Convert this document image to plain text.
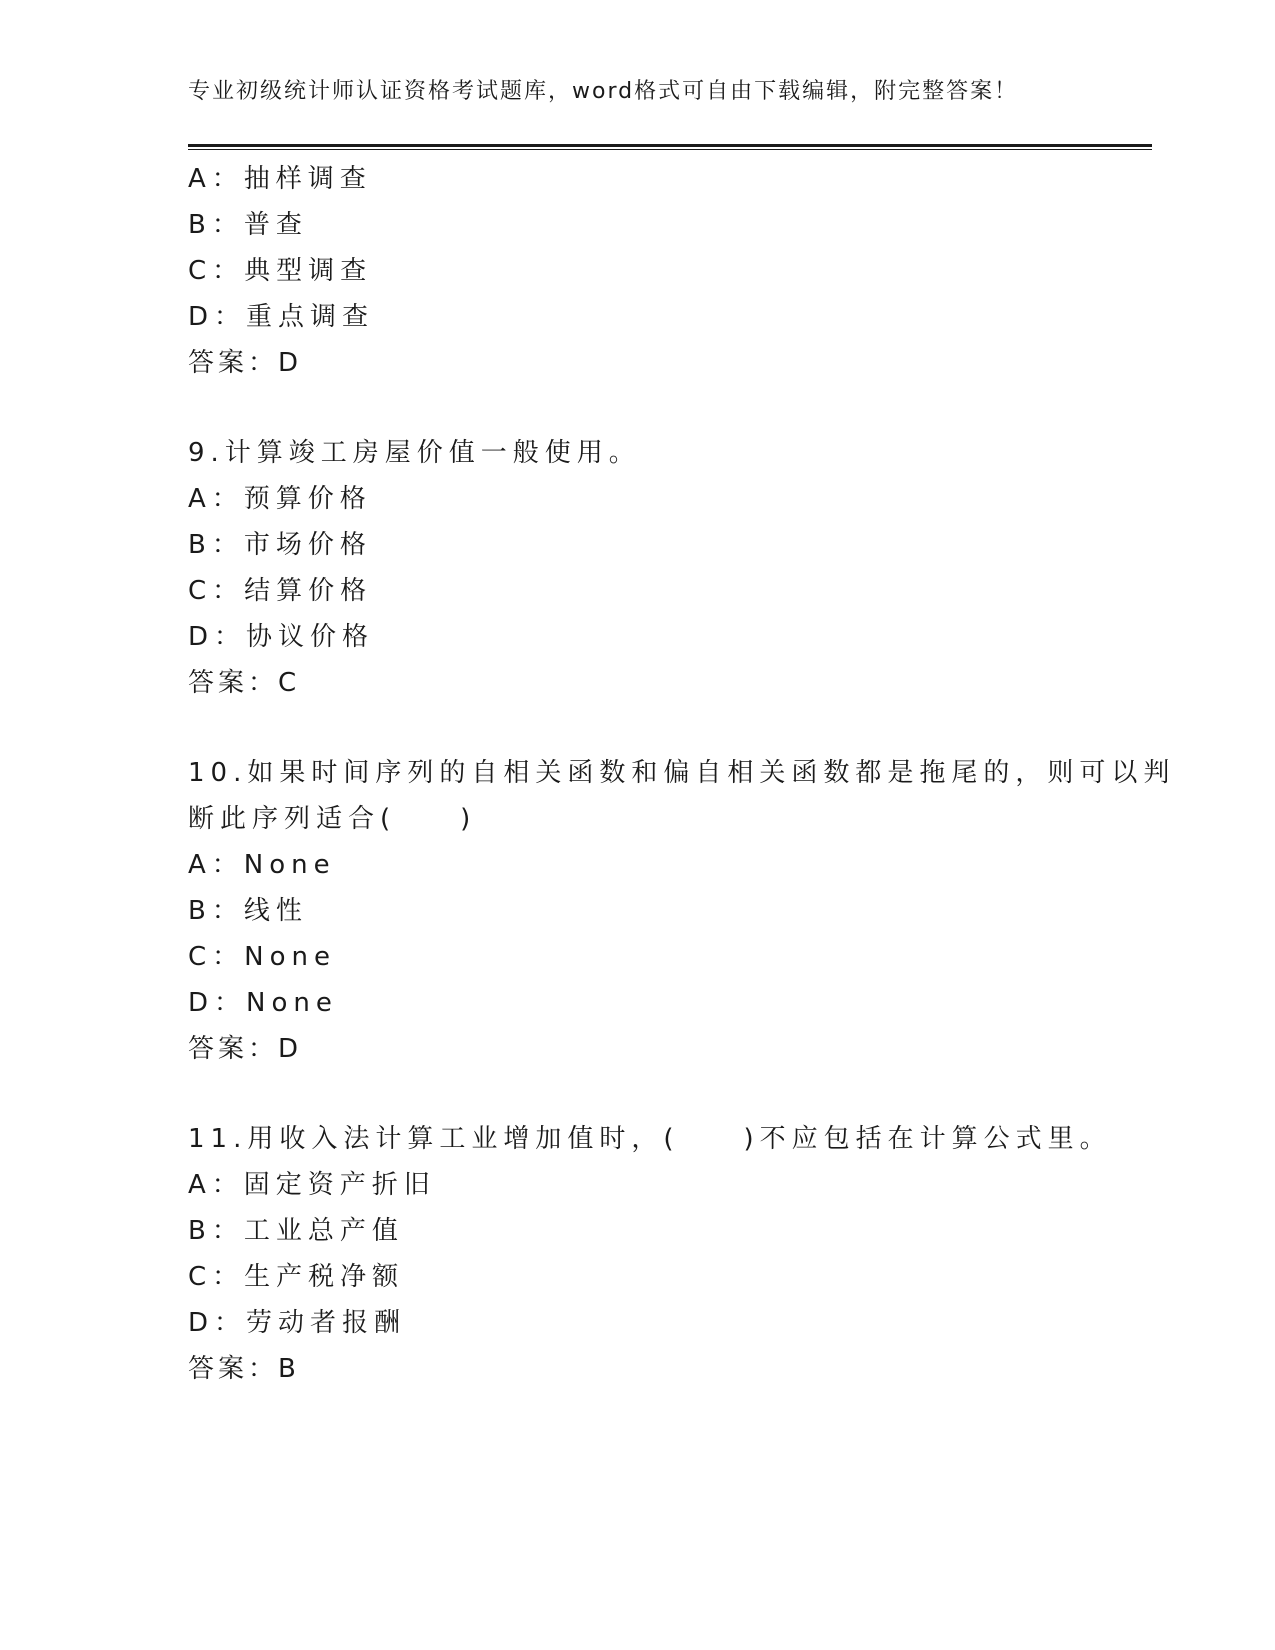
专业初级统计师认证资格考试题库，word格式可自由下载编辑，附完整答案！
A：抽样调查
B：普查
C：典型调查
D：重点调查
答案：D
9.计算竣工房屋价值一般使用。
A：预算价格
B：市场价格
C：结算价格
D：协议价格
答案：C
10.如果时间序列的自相关函数和偏自相关函数都是拖尾的，则可以判
断此序列适合(　　)
A：None
B：线性
C：None
D：None
答案：D
11.用收入法计算工业增加值时，(　　)不应包括在计算公式里。
A：固定资产折旧
B：工业总产值
C：生产税净额
D：劳动者报酬
答案：B
